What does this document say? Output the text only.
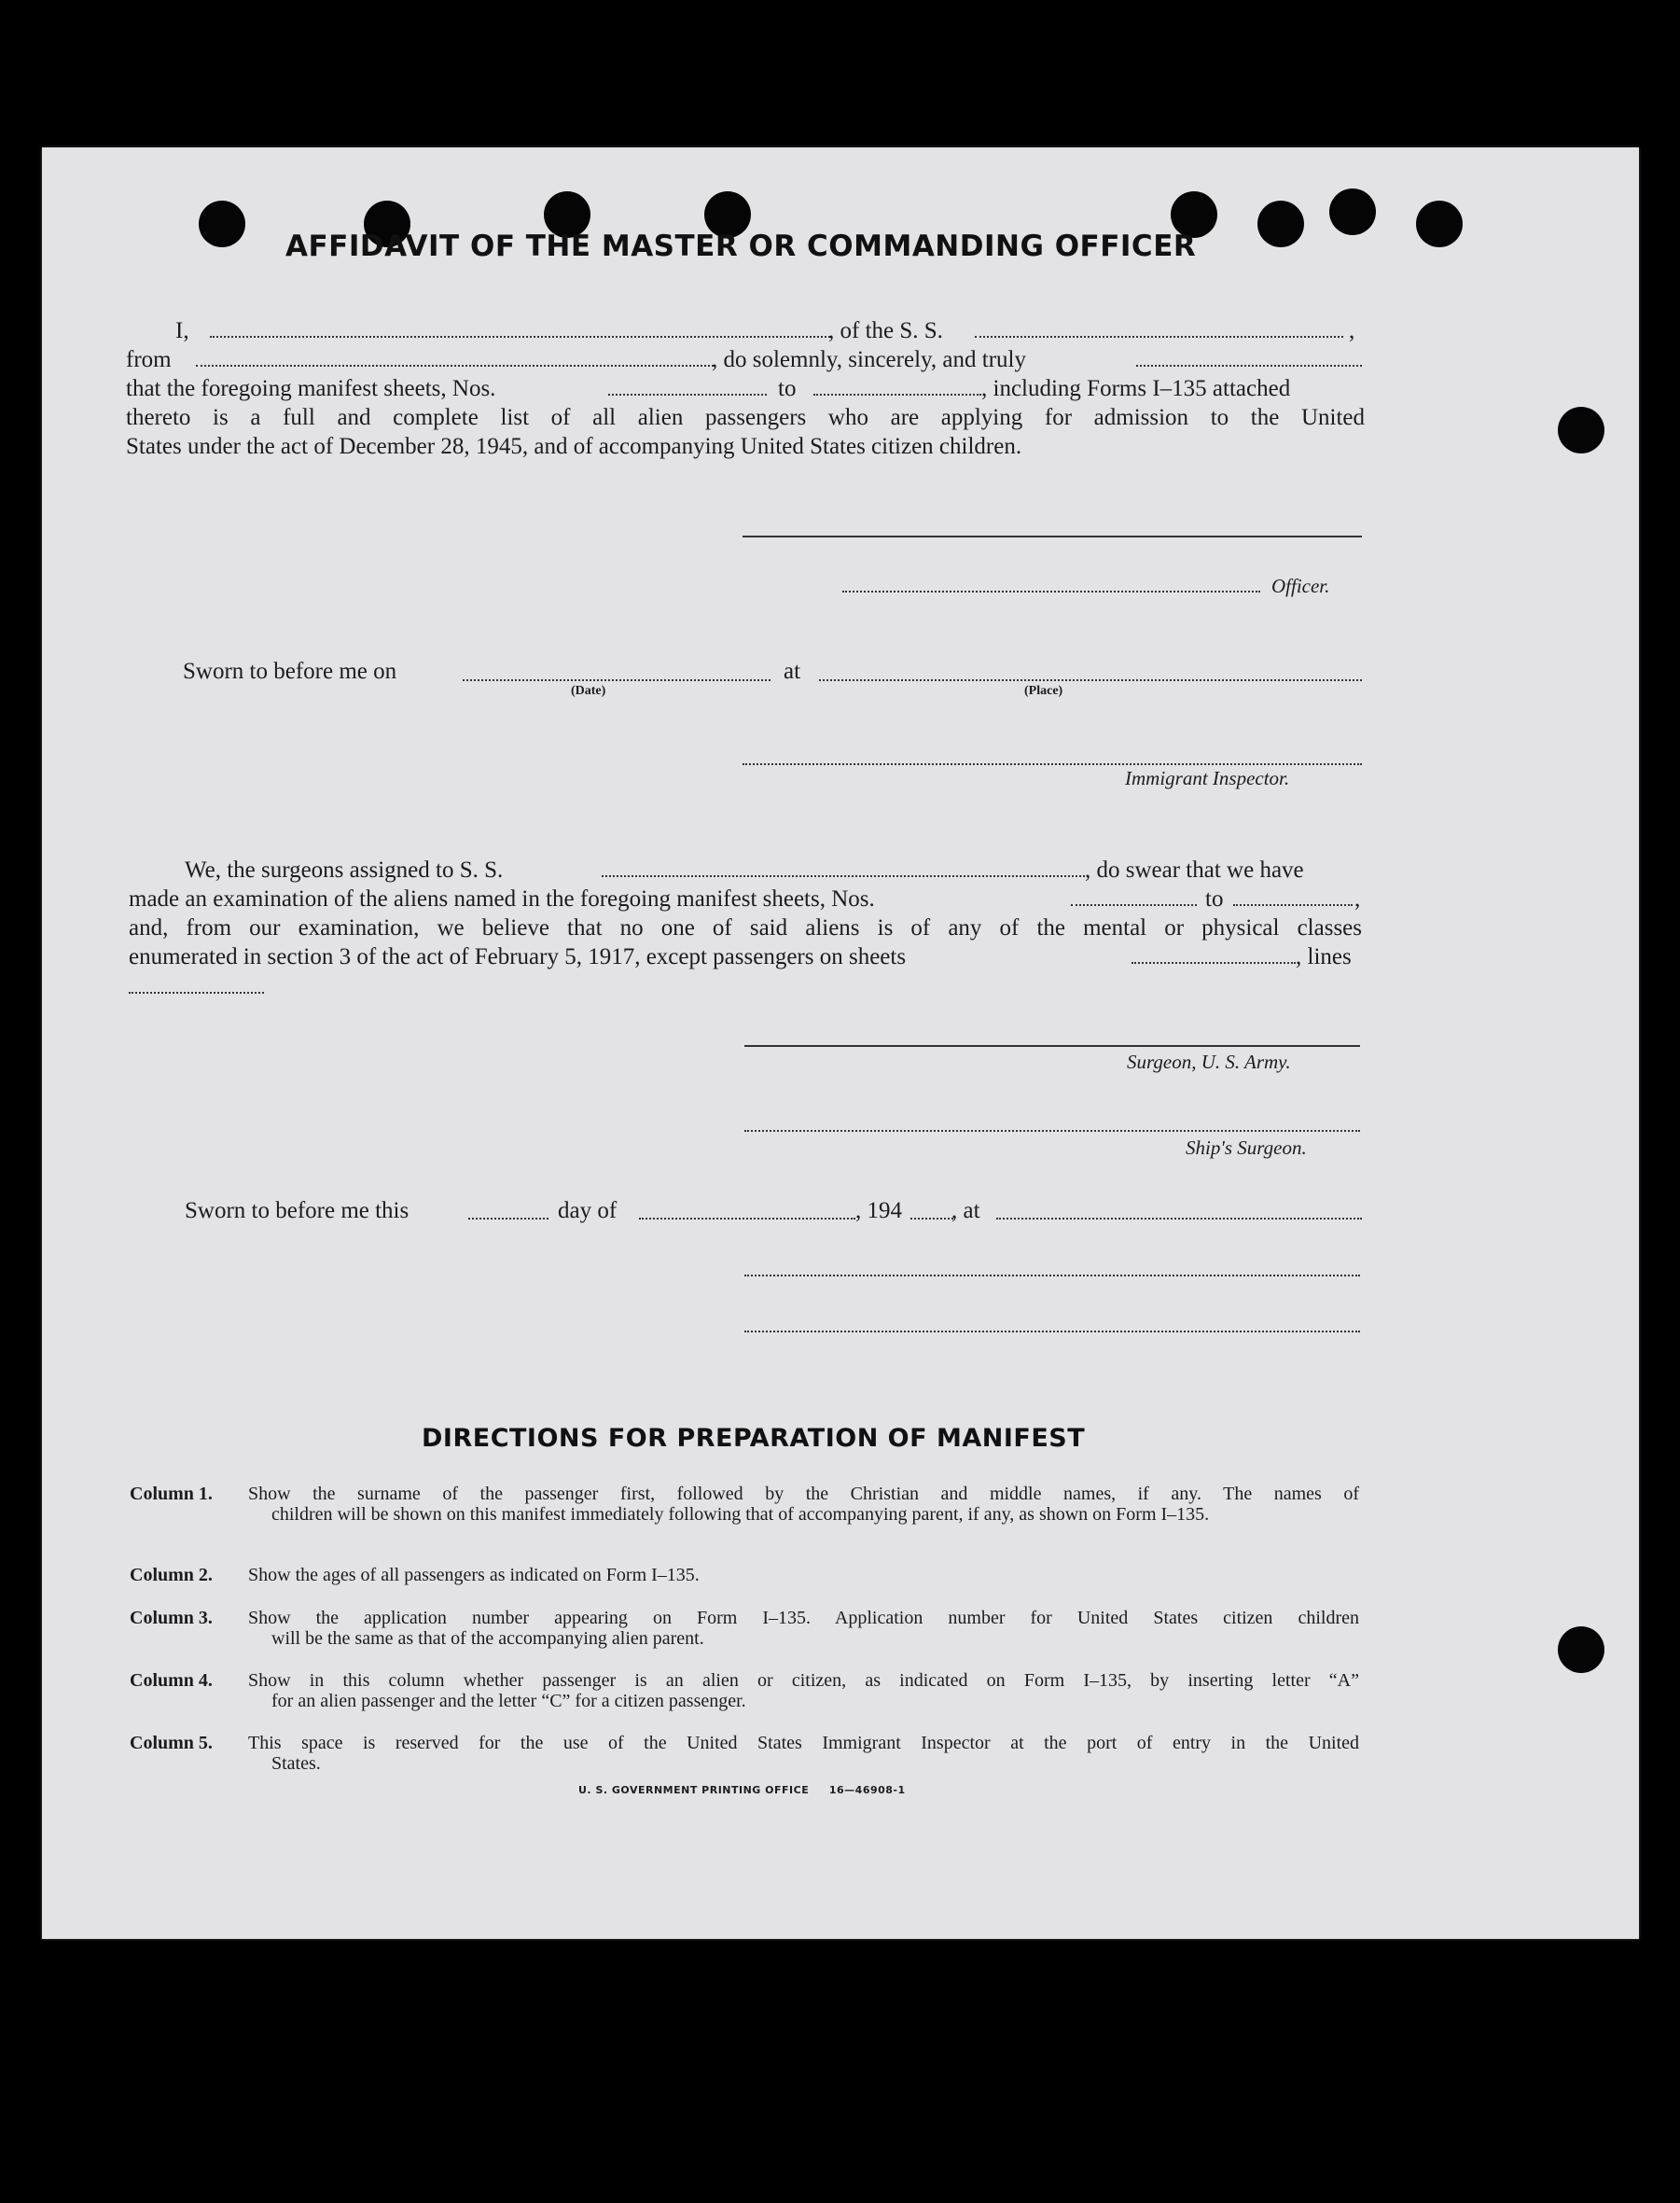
AFFIDAVIT OF THE MASTER OR COMMANDING OFFICER
I,	, of the S. S.	,
from	, do solemnly, sincerely, and truly
that the foregoing manifest sheets, Nos.	to	, including Forms I–135 attached
thereto is a full and complete list of all alien passengers who are applying for admission to the United
States under the act of December 28, 1945, and of accompanying United States citizen children.
Officer.
Sworn to before me on
(Date)
at
(Place)
Immigrant Inspector.
We, the surgeons assigned to S. S.	, do swear that we have
made an examination of the aliens named in the foregoing manifest sheets, Nos.	to	,
and, from our examination, we believe that no one of said aliens is of any of the mental or physical classes
enumerated in section 3 of the act of February 5, 1917, except passengers on sheets	, lines
Surgeon, U. S. Army.
Ship's Surgeon.
Sworn to before me this	day of	, 194 , at
DIRECTIONS FOR PREPARATION OF MANIFEST
Column 1. Show the surname of the passenger first, followed by the Christian and middle names, if any. The names of
children will be shown on this manifest immediately following that of accompanying parent, if any, as shown on Form I–135.
Column 2. Show the ages of all passengers as indicated on Form I–135.
Column 3. Show the application number appearing on Form I–135. Application number for United States citizen children
will be the same as that of the accompanying alien parent.
Column 4. Show in this column whether passenger is an alien or citizen, as indicated on Form I–135, by inserting letter “A”
for an alien passenger and the letter “C” for a citizen passenger.
Column 5. This space is reserved for the use of the United States Immigrant Inspector at the port of entry in the United
States.
U. S. GOVERNMENT PRINTING OFFICE     16—46908-1
